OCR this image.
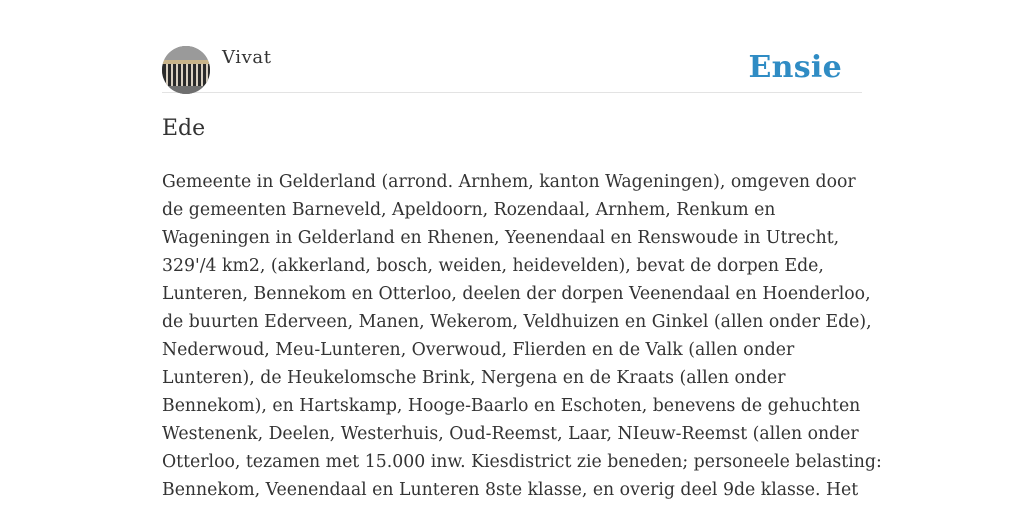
Vivat	Ensie
Ede

Gemeente in Gelderland (arrond. Arnhem, kanton Wageningen), omgeven door
de gemeenten Barneveld, Apeldoorn, Rozendaal, Arnhem, Renkum en
Wageningen in Gelderland en Rhenen, Yeenendaal en Renswoude in Utrecht,
329'/4 km2, (akkerland, bosch, weiden, heidevelden), bevat de dorpen Ede,
Lunteren, Bennekom en Otterloo, deelen der dorpen Veenendaal en Hoenderloo,
de buurten Ederveen, Manen, Wekerom, Veldhuizen en Ginkel (allen onder Ede),
Nederwoud, Meu-Lunteren, Overwoud, Flierden en de Valk (allen onder
Lunteren), de Heukelomsche Brink, Nergena en de Kraats (allen onder
Bennekom), en Hartskamp, Hooge-Baarlo en Eschoten, benevens de gehuchten
Westenenk, Deelen, Westerhuis, Oud-Reemst, Laar, NIeuw-Reemst (allen onder
Otterloo, tezamen met 15.000 inw. Kiesdistrict zie beneden; personeele belasting:
Bennekom, Veenendaal en Lunteren 8ste klasse, en overig deel 9de klasse. Het
